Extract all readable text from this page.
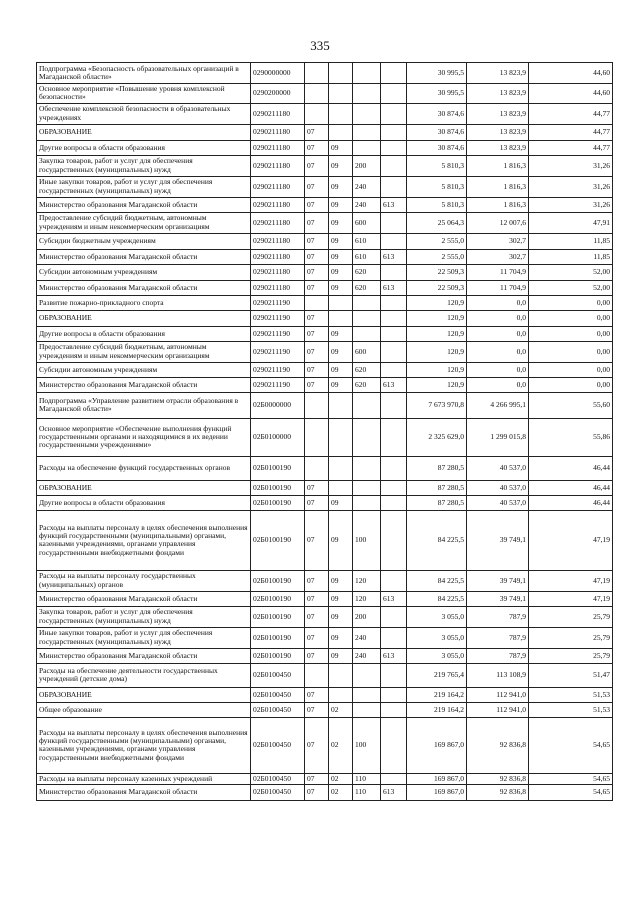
335
Подпрограмма «Безопасность образовательных организаций в Магаданской области»	0290000000					30 995,5	13 823,9	44,60
Основное мероприятие «Повышение уровня комплексной безопасности»	0290200000					30 995,5	13 823,9	44,60
Обеспечение комплексной безопасности в образовательных учреждениях	0290211180					30 874,6	13 823,9	44,77
ОБРАЗОВАНИЕ	0290211180	07				30 874,6	13 823,9	44,77
Другие вопросы в области образования	0290211180	07	09			30 874,6	13 823,9	44,77
Закупка товаров, работ и услуг для обеспечения государственных (муниципальных) нужд	0290211180	07	09	200		5 810,3	1 816,3	31,26
Иные закупки товаров, работ и услуг для обеспечения государственных (муниципальных) нужд	0290211180	07	09	240		5 810,3	1 816,3	31,26
Министерство образования Магаданской области	0290211180	07	09	240	613	5 810,3	1 816,3	31,26
Предоставление субсидий бюджетным, автономным учреждениям и иным некоммерческим организациям	0290211180	07	09	600		25 064,3	12 007,6	47,91
Субсидии бюджетным учреждениям	0290211180	07	09	610		2 555,0	302,7	11,85
Министерство образования Магаданской области	0290211180	07	09	610	613	2 555,0	302,7	11,85
Субсидии автономным учреждениям	0290211180	07	09	620		22 509,3	11 704,9	52,00
Министерство образования Магаданской области	0290211180	07	09	620	613	22 509,3	11 704,9	52,00
Развитие пожарно-прикладного спорта	0290211190					120,9	0,0	0,00
ОБРАЗОВАНИЕ	0290211190	07				120,9	0,0	0,00
Другие вопросы в области образования	0290211190	07	09			120,9	0,0	0,00
Предоставление субсидий бюджетным, автономным учреждениям и иным некоммерческим организациям	0290211190	07	09	600		120,9	0,0	0,00
Субсидии автономным учреждениям	0290211190	07	09	620		120,9	0,0	0,00
Министерство образования Магаданской области	0290211190	07	09	620	613	120,9	0,0	0,00
Подпрограмма «Управление развитием отрасли образования в Магаданской области»	02Б0000000					7 673 970,8	4 266 995,1	55,60
Основное мероприятие «Обеспечение выполнения функций государственными органами и находящимися в их ведении государственными учреждениями»	02Б0100000					2 325 629,0	1 299 015,8	55,86
Расходы на обеспечение функций государственных органов	02Б0100190					87 280,5	40 537,0	46,44
ОБРАЗОВАНИЕ	02Б0100190	07				87 280,5	40 537,0	46,44
Другие вопросы в области образования	02Б0100190	07	09			87 280,5	40 537,0	46,44
Расходы на выплаты персоналу в целях обеспечения выполнения функций государственными (муниципальными) органами, казенными учреждениями, органами управления государственными внебюджетными фондами	02Б0100190	07	09	100		84 225,5	39 749,1	47,19
Расходы на выплаты персоналу государственных (муниципальных) органов	02Б0100190	07	09	120		84 225,5	39 749,1	47,19
Министерство образования Магаданской области	02Б0100190	07	09	120	613	84 225,5	39 749,1	47,19
Закупка товаров, работ и услуг для обеспечения государственных (муниципальных) нужд	02Б0100190	07	09	200		3 055,0	787,9	25,79
Иные закупки товаров, работ и услуг для обеспечения государственных (муниципальных) нужд	02Б0100190	07	09	240		3 055,0	787,9	25,79
Министерство образования Магаданской области	02Б0100190	07	09	240	613	3 055,0	787,9	25,79
Расходы на обеспечение деятельности государственных учреждений (детские дома)	02Б0100450					219 765,4	113 108,9	51,47
ОБРАЗОВАНИЕ	02Б0100450	07				219 164,2	112 941,0	51,53
Общее образование	02Б0100450	07	02			219 164,2	112 941,0	51,53
Расходы на выплаты персоналу в целях обеспечения выполнения функций государственными (муниципальными) органами, казенными учреждениями, органами управления государственными внебюджетными фондами	02Б0100450	07	02	100		169 867,0	92 836,8	54,65
Расходы на выплаты персоналу казенных учреждений	02Б0100450	07	02	110		169 867,0	92 836,8	54,65
Министерство образования Магаданской области	02Б0100450	07	02	110	613	169 867,0	92 836,8	54,65
